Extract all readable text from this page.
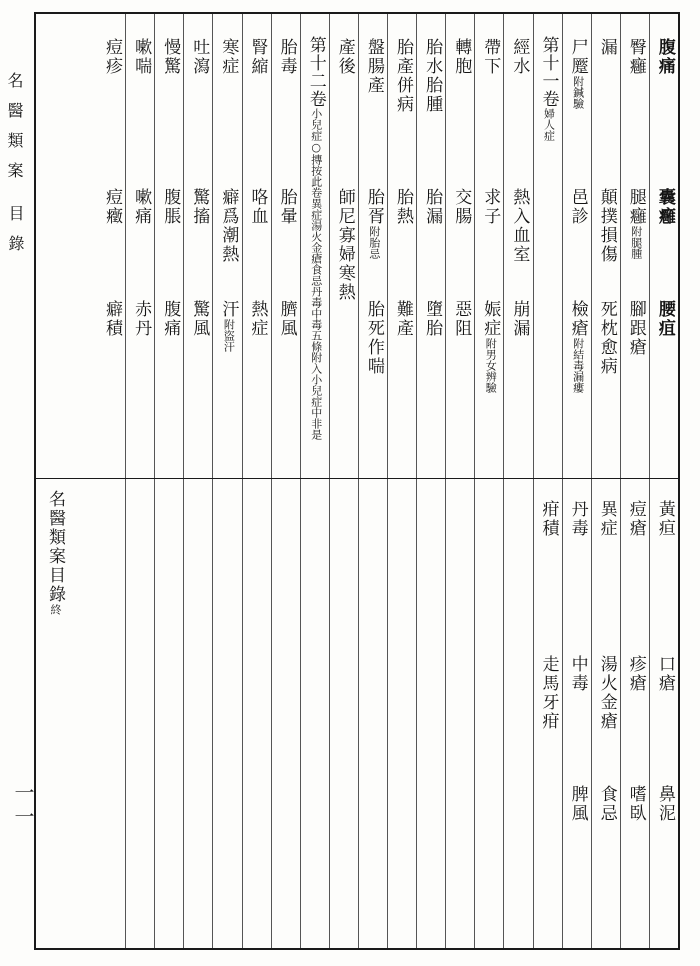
名醫類案
目錄
一一
名醫類案目錄終
腹痛
囊癰
腰疽
黃疸
口瘡
鼻泥
臀癰
腿癰附腿腫
腳跟瘡
痘瘡
疹瘡
嗜臥
漏
顛撲損傷
死枕愈病
異症
湯火金瘡
食忌
尸蹷附鍼驗
邑診
檢瘡附結毒漏瘻
丹毒
中毒
脾風
第十一卷婦人症
疳積
走馬牙疳
經水
熱入血室
崩漏
帶下
求子
娠症附男女辨驗
轉胞
交腸
惡阻
胎水胎腫
胎漏
墮胎
胎產併病
胎熱
難產
盤腸產
胎胥附胎忌
胎死作喘
產後
師尼寡婦寒熱
第十二卷小兒症○摶按此卷異症湯火金瘡食忌丹毒中毒五條附入小兒症中非是
胎毒
胎暈
臍風
腎縮
咯血
熱症
寒症
癖爲潮熱
汗附盜汗
吐瀉
驚搐
驚風
慢驚
腹脹
腹痛
嗽喘
嗽痛
赤丹
痘疹
痘癥
癖積
